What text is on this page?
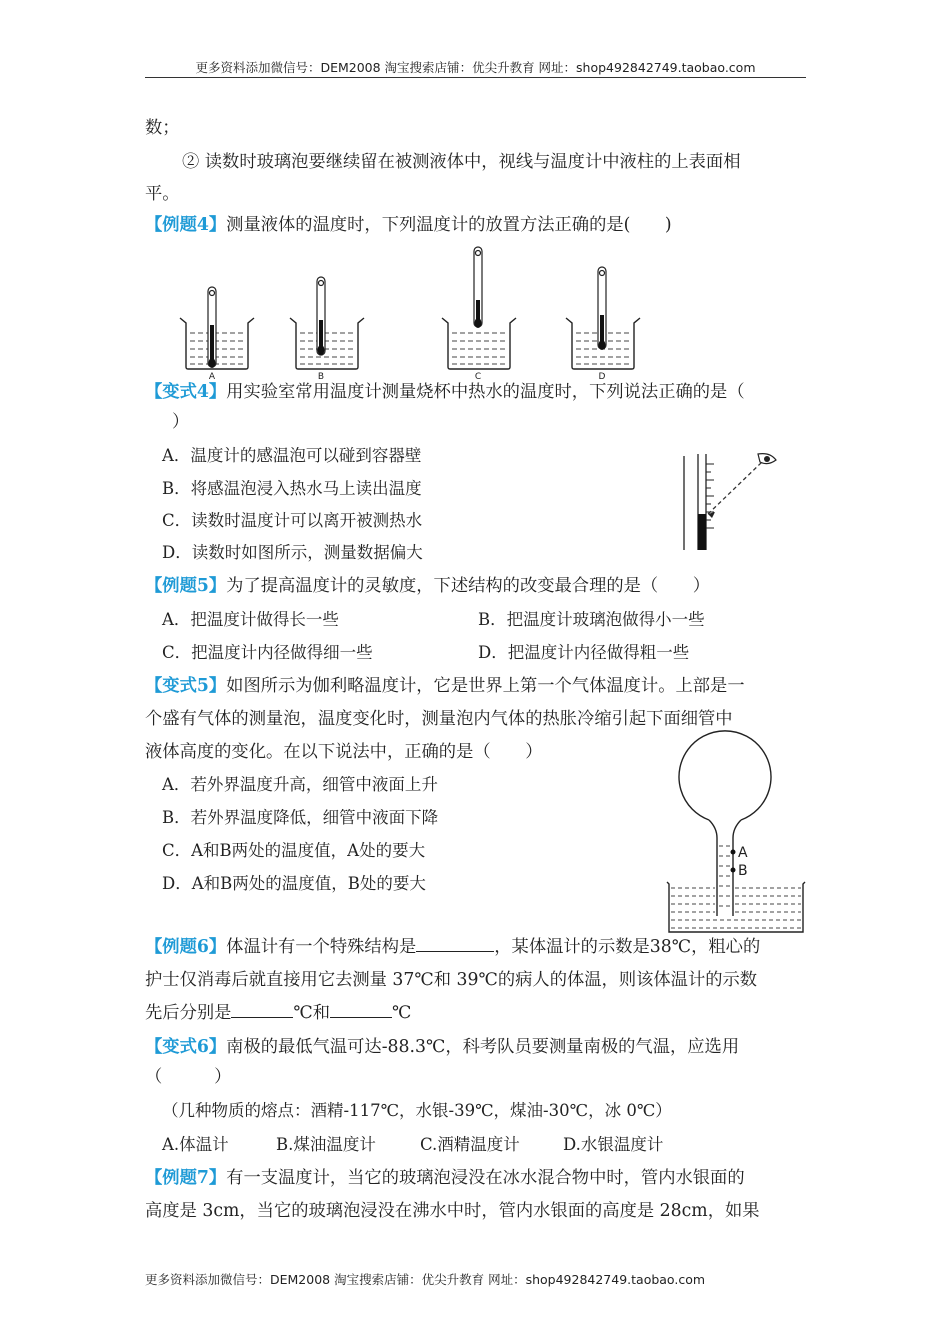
更多资料添加微信号：DEM2008 淘宝搜索店铺：优尖升教育 网址：shop492842749.taobao.com
数；
② 读数时玻璃泡要继续留在被测液体中，视线与温度计中液柱的上表面相
平。
【例题4】测量液体的温度时，下列温度计的放置方法正确的是(　　)
A	B	C	D
【变式4】用实验室常用温度计测量烧杯中热水的温度时，下列说法正确的是（
）
A．温度计的感温泡可以碰到容器壁
B．将感温泡浸入热水马上读出温度
C．读数时温度计可以离开被测热水
D．读数时如图所示，测量数据偏大
【例题5】为了提高温度计的灵敏度，下述结构的改变最合理的是（　　）
A．把温度计做得长一些	B．把温度计玻璃泡做得小一些
C．把温度计内径做得细一些	D．把温度计内径做得粗一些
【变式5】如图所示为伽利略温度计，它是世界上第一个气体温度计。上部是一
个盛有气体的测量泡，温度变化时，测量泡内气体的热胀冷缩引起下面细管中
液体高度的变化。在以下说法中，正确的是（　　）
A．若外界温度升高，细管中液面上升
B．若外界温度降低，细管中液面下降
C．A和B两处的温度值，A处的要大
D．A和B两处的温度值，B处的要大
A
B
【例题6】体温计有一个特殊结构是	，某体温计的示数是38℃，粗心的
护士仅消毒后就直接用它去测量 37℃和 39℃的病人的体温，则该体温计的示数
先后分别是	℃和	℃
【变式6】南极的最低气温可达-88.3℃，科考队员要测量南极的气温，应选用
（　　　）
（几种物质的熔点：酒精-117℃，水银-39℃，煤油-30℃，冰 0℃）
A.体温计	B.煤油温度计	C.酒精温度计	D.水银温度计
【例题7】有一支温度计，当它的玻璃泡浸没在冰水混合物中时，管内水银面的
高度是 3cm，当它的玻璃泡浸没在沸水中时，管内水银面的高度是 28cm，如果
更多资料添加微信号：DEM2008 淘宝搜索店铺：优尖升教育 网址：shop492842749.taobao.com
